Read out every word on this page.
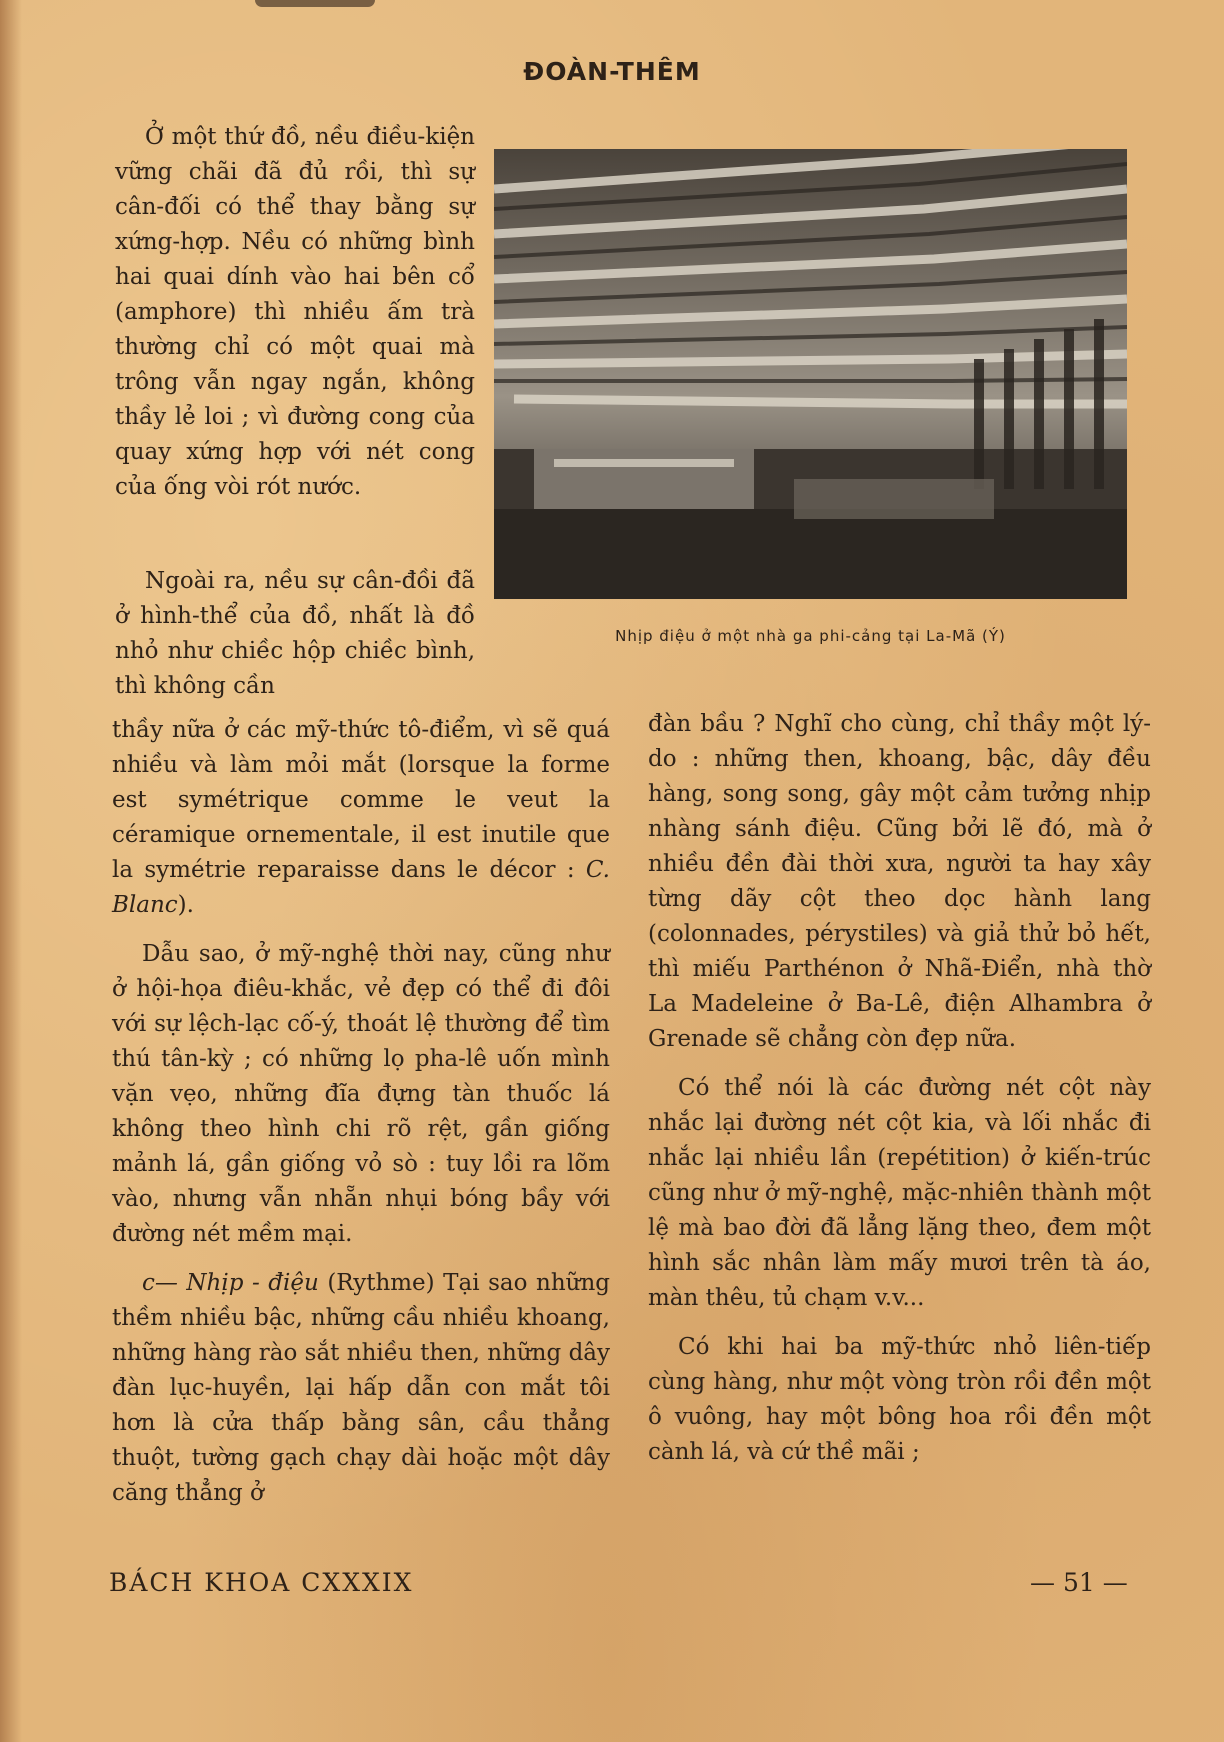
ĐOÀN-THÊM

Ở một thứ đồ, nều điều-kiện vững chãi đã đủ rồi, thì sự cân-đối có thể thay bằng sự xứng-hợp. Nều có những bình hai quai dính vào hai bên cổ (amphore) thì nhiều ấm trà thường chỉ có một quai mà trông vẫn ngay ngắn, không thầy lẻ loi ; vì đường cong của quay xứng hợp với nét cong của ống vòi rót nước.

Ngoài ra, nều sự cân-đồi đã ở hình-thể của đồ, nhất là đồ nhỏ như chiềc hộp chiềc bình, thì không cần

Nhịp điệu ở một nhà ga phi-cảng tại La-Mã (Ý)

thầy nữa ở các mỹ-thức tô-điểm, vì sẽ quá nhiều và làm mỏi mắt (lorsque la forme est symétrique comme le veut la céramique ornementale, il est inutile que la symétrie reparaisse dans le décor : C. Blanc).

Dẫu sao, ở mỹ-nghệ thời nay, cũng như ở hội-họa điêu-khắc, vẻ đẹp có thể đi đôi với sự lệch-lạc cố-ý, thoát lệ thường để tìm thú tân-kỳ ; có những lọ pha-lê uốn mình vặn vẹo, những đĩa đựng tàn thuốc lá không theo hình chi rõ rệt, gần giống mảnh lá, gần giống vỏ sò : tuy lồi ra lõm vào, nhưng vẫn nhẵn nhụi bóng bầy với đường nét mềm mại.

c— Nhịp - điệu (Rythme) Tại sao những thềm nhiều bậc, những cầu nhiều khoang, những hàng rào sắt nhiều then, những dây đàn lục-huyền, lại hấp dẫn con mắt tôi hơn là cửa thấp bằng sân, cầu thẳng thuột, tường gạch chạy dài hoặc một dây căng thẳng ở

đàn bầu ? Nghĩ cho cùng, chỉ thầy một lý-do : những then, khoang, bậc, dây đều hàng, song song, gây một cảm tưởng nhịp nhàng sánh điệu. Cũng bởi lẽ đó, mà ở nhiều đền đài thời xưa, người ta hay xây từng dãy cột theo dọc hành lang (colonnades, pérystiles) và giả thử bỏ hết, thì miếu Parthénon ở Nhã-Điển, nhà thờ La Madeleine ở Ba-Lê, điện Alhambra ở Grenade sẽ chẳng còn đẹp nữa.

Có thể nói là các đường nét cột này nhắc lại đường nét cột kia, và lối nhắc đi nhắc lại nhiều lần (repétition) ở kiến-trúc cũng như ở mỹ-nghệ, mặc-nhiên thành một lệ mà bao đời đã lẳng lặng theo, đem một hình sắc nhân làm mấy mươi trên tà áo, màn thêu, tủ chạm v.v...

Có khi hai ba mỹ-thức nhỏ liên-tiếp cùng hàng, như một vòng tròn rồi đền một ô vuông, hay một bông hoa rồi đền một cành lá, và cứ thề mãi ;

BÁCH KHOA CXXXIX	— 51 —
